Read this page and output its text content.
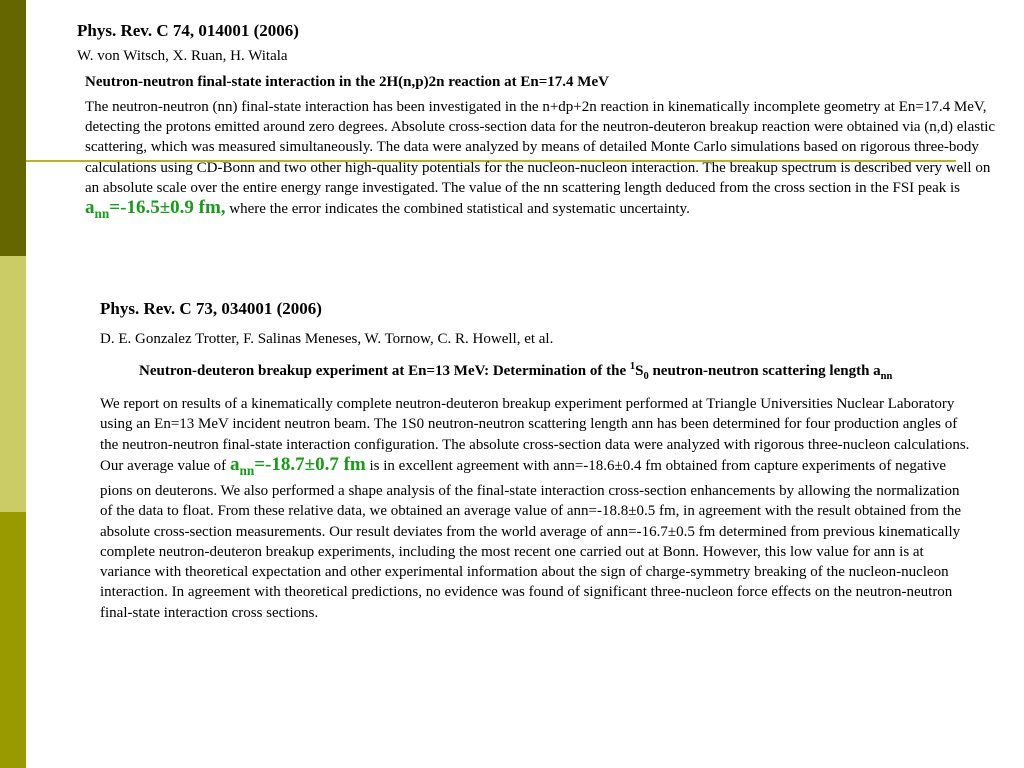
Phys. Rev. C 74, 014001 (2006)

W. von Witsch, X. Ruan, H. Witala

Neutron-neutron final-state interaction in the 2H(n,p)2n reaction at En=17.4 MeV

The neutron-neutron (nn) final-state interaction has been investigated in the n+dp+2n reaction in kinematically incomplete geometry at En=17.4 MeV, detecting the protons emitted around zero degrees. Absolute cross-section data for the neutron-deuteron breakup reaction were obtained via (n,d) elastic scattering, which was measured simultaneously. The data were analyzed by means of detailed Monte Carlo simulations based on rigorous three-body calculations using CD-Bonn and two other high-quality potentials for the nucleon-nucleon interaction. The breakup spectrum is described very well on an absolute scale over the entire energy range investigated. The value of the nn scattering length deduced from the cross section in the FSI peak is $a_{nn}=-16.5\pm 0.9$ fm, where the error indicates the combined statistical and systematic uncertainty.

Phys. Rev. C 73, 034001 (2006)

D. E. Gonzalez Trotter, F. Salinas Meneses, W. Tornow, C. R. Howell, et al.

Neutron-deuteron breakup experiment at En=13 MeV: Determination of the $^1S_0$ neutron-neutron scattering length $a_{nn}$

We report on results of a kinematically complete neutron-deuteron breakup experiment performed at Triangle Universities Nuclear Laboratory using an En=13 MeV incident neutron beam. The 1S0 neutron-neutron scattering length ann has been determined for four production angles of the neutron-neutron final-state interaction configuration. The absolute cross-section data were analyzed with rigorous three-nucleon calculations. Our average value of $a_{nn}=-18.7\pm 0.7$ fm is in excellent agreement with ann=-18.6±0.4 fm obtained from capture experiments of negative pions on deuterons. We also performed a shape analysis of the final-state interaction cross-section enhancements by allowing the normalization of the data to float. From these relative data, we obtained an average value of ann=-18.8±0.5 fm, in agreement with the result obtained from the absolute cross-section measurements. Our result deviates from the world average of ann=-16.7±0.5 fm determined from previous kinematically complete neutron-deuteron breakup experiments, including the most recent one carried out at Bonn. However, this low value for ann is at variance with theoretical expectation and other experimental information about the sign of charge-symmetry breaking of the nucleon-nucleon interaction. In agreement with theoretical predictions, no evidence was found of significant three-nucleon force effects on the neutron-neutron final-state interaction cross sections.
